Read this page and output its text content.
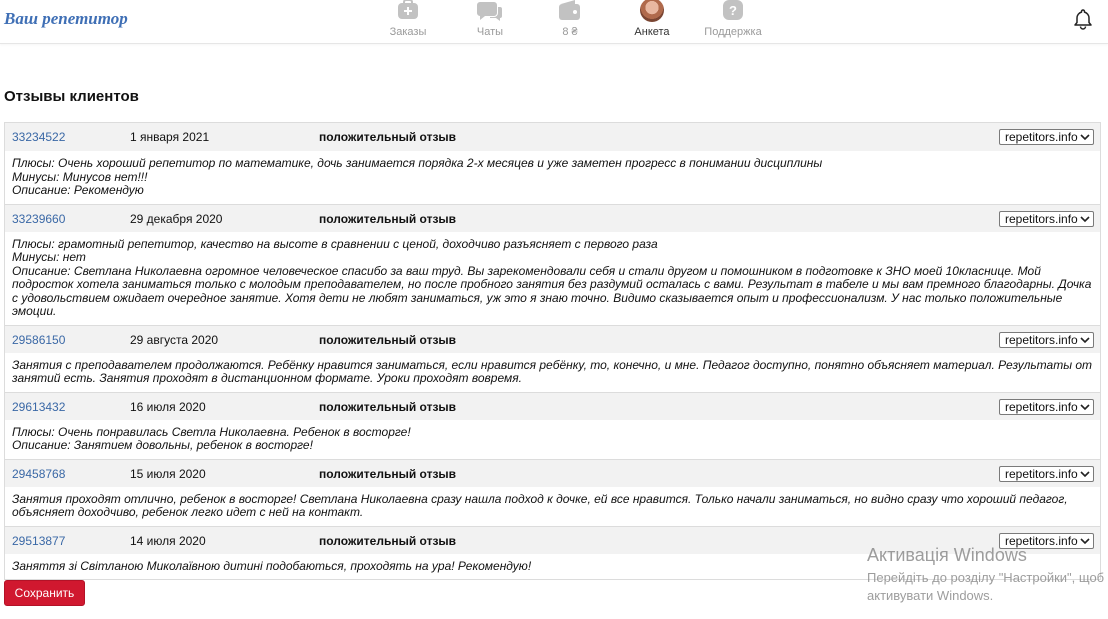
Ваш репетитор
Заказы	Чаты	8 ₴	Анкета
?
Поддержка
Отзывы клиентов
33234522	1 января 2021	положительный отзыв	repetitors.info

Плюсы: Очень хороший репетитор по математике, дочь занимается порядка 2-х месяцев и уже заметен прогресс в понимании дисциплины

Минусы: Минусов нет!!!

Описание: Рекомендую

33239660	29 декабря 2020	положительный отзыв	repetitors.info

Плюсы: грамотный репетитор, качество на высоте в сравнении с ценой, доходчиво разъясняет с первого раза

Минусы: нет

Описание: Светлана Николаевна огромное человеческое спасибо за ваш труд. Вы зарекомендовали себя и стали другом и помошником в подготовке к ЗНО моей 10класнице. Мой подросток хотела заниматься только с молодым преподавателем, но после пробного занятия без раздумий осталась с вами. Результат в табеле и мы вам премного благодарны. Дочка с удовольствием ожидает очередное занятие. Хотя дети не любят заниматься, уж это я знаю точно. Видимо сказывается опыт и профессионализм. У нас только положительные эмоции.

29586150	29 августа 2020	положительный отзыв	repetitors.info

Занятия с преподавателем продолжаются. Ребёнку нравится заниматься, если нравится ребёнку, то, конечно, и мне. Педагог доступно, понятно объясняет материал. Результаты от занятий есть. Занятия проходят в дистанционном формате. Уроки проходят вовремя.

29613432	16 июля 2020	положительный отзыв	repetitors.info

Плюсы: Очень понравилась Светла Николаевна. Ребенок в восторге!

Описание: Занятием довольны, ребенок в восторге!

29458768	15 июля 2020	положительный отзыв	repetitors.info

Занятия проходят отлично, ребенок в восторге! Светлана Николаевна сразу нашла подход к дочке, ей все нравится. Только начали заниматься, но видно сразу что хороший педагог, объясняет доходчиво, ребенок легко идет с ней на контакт.

29513877	14 июля 2020	положительный отзыв	repetitors.info

Заняття зі Світланою Миколаївною дитині подобаються, проходять на ура! Рекомендую!

Сохранить
Активація Windows
Перейдіть до розділу "Настройки", щоб активувати Windows.
